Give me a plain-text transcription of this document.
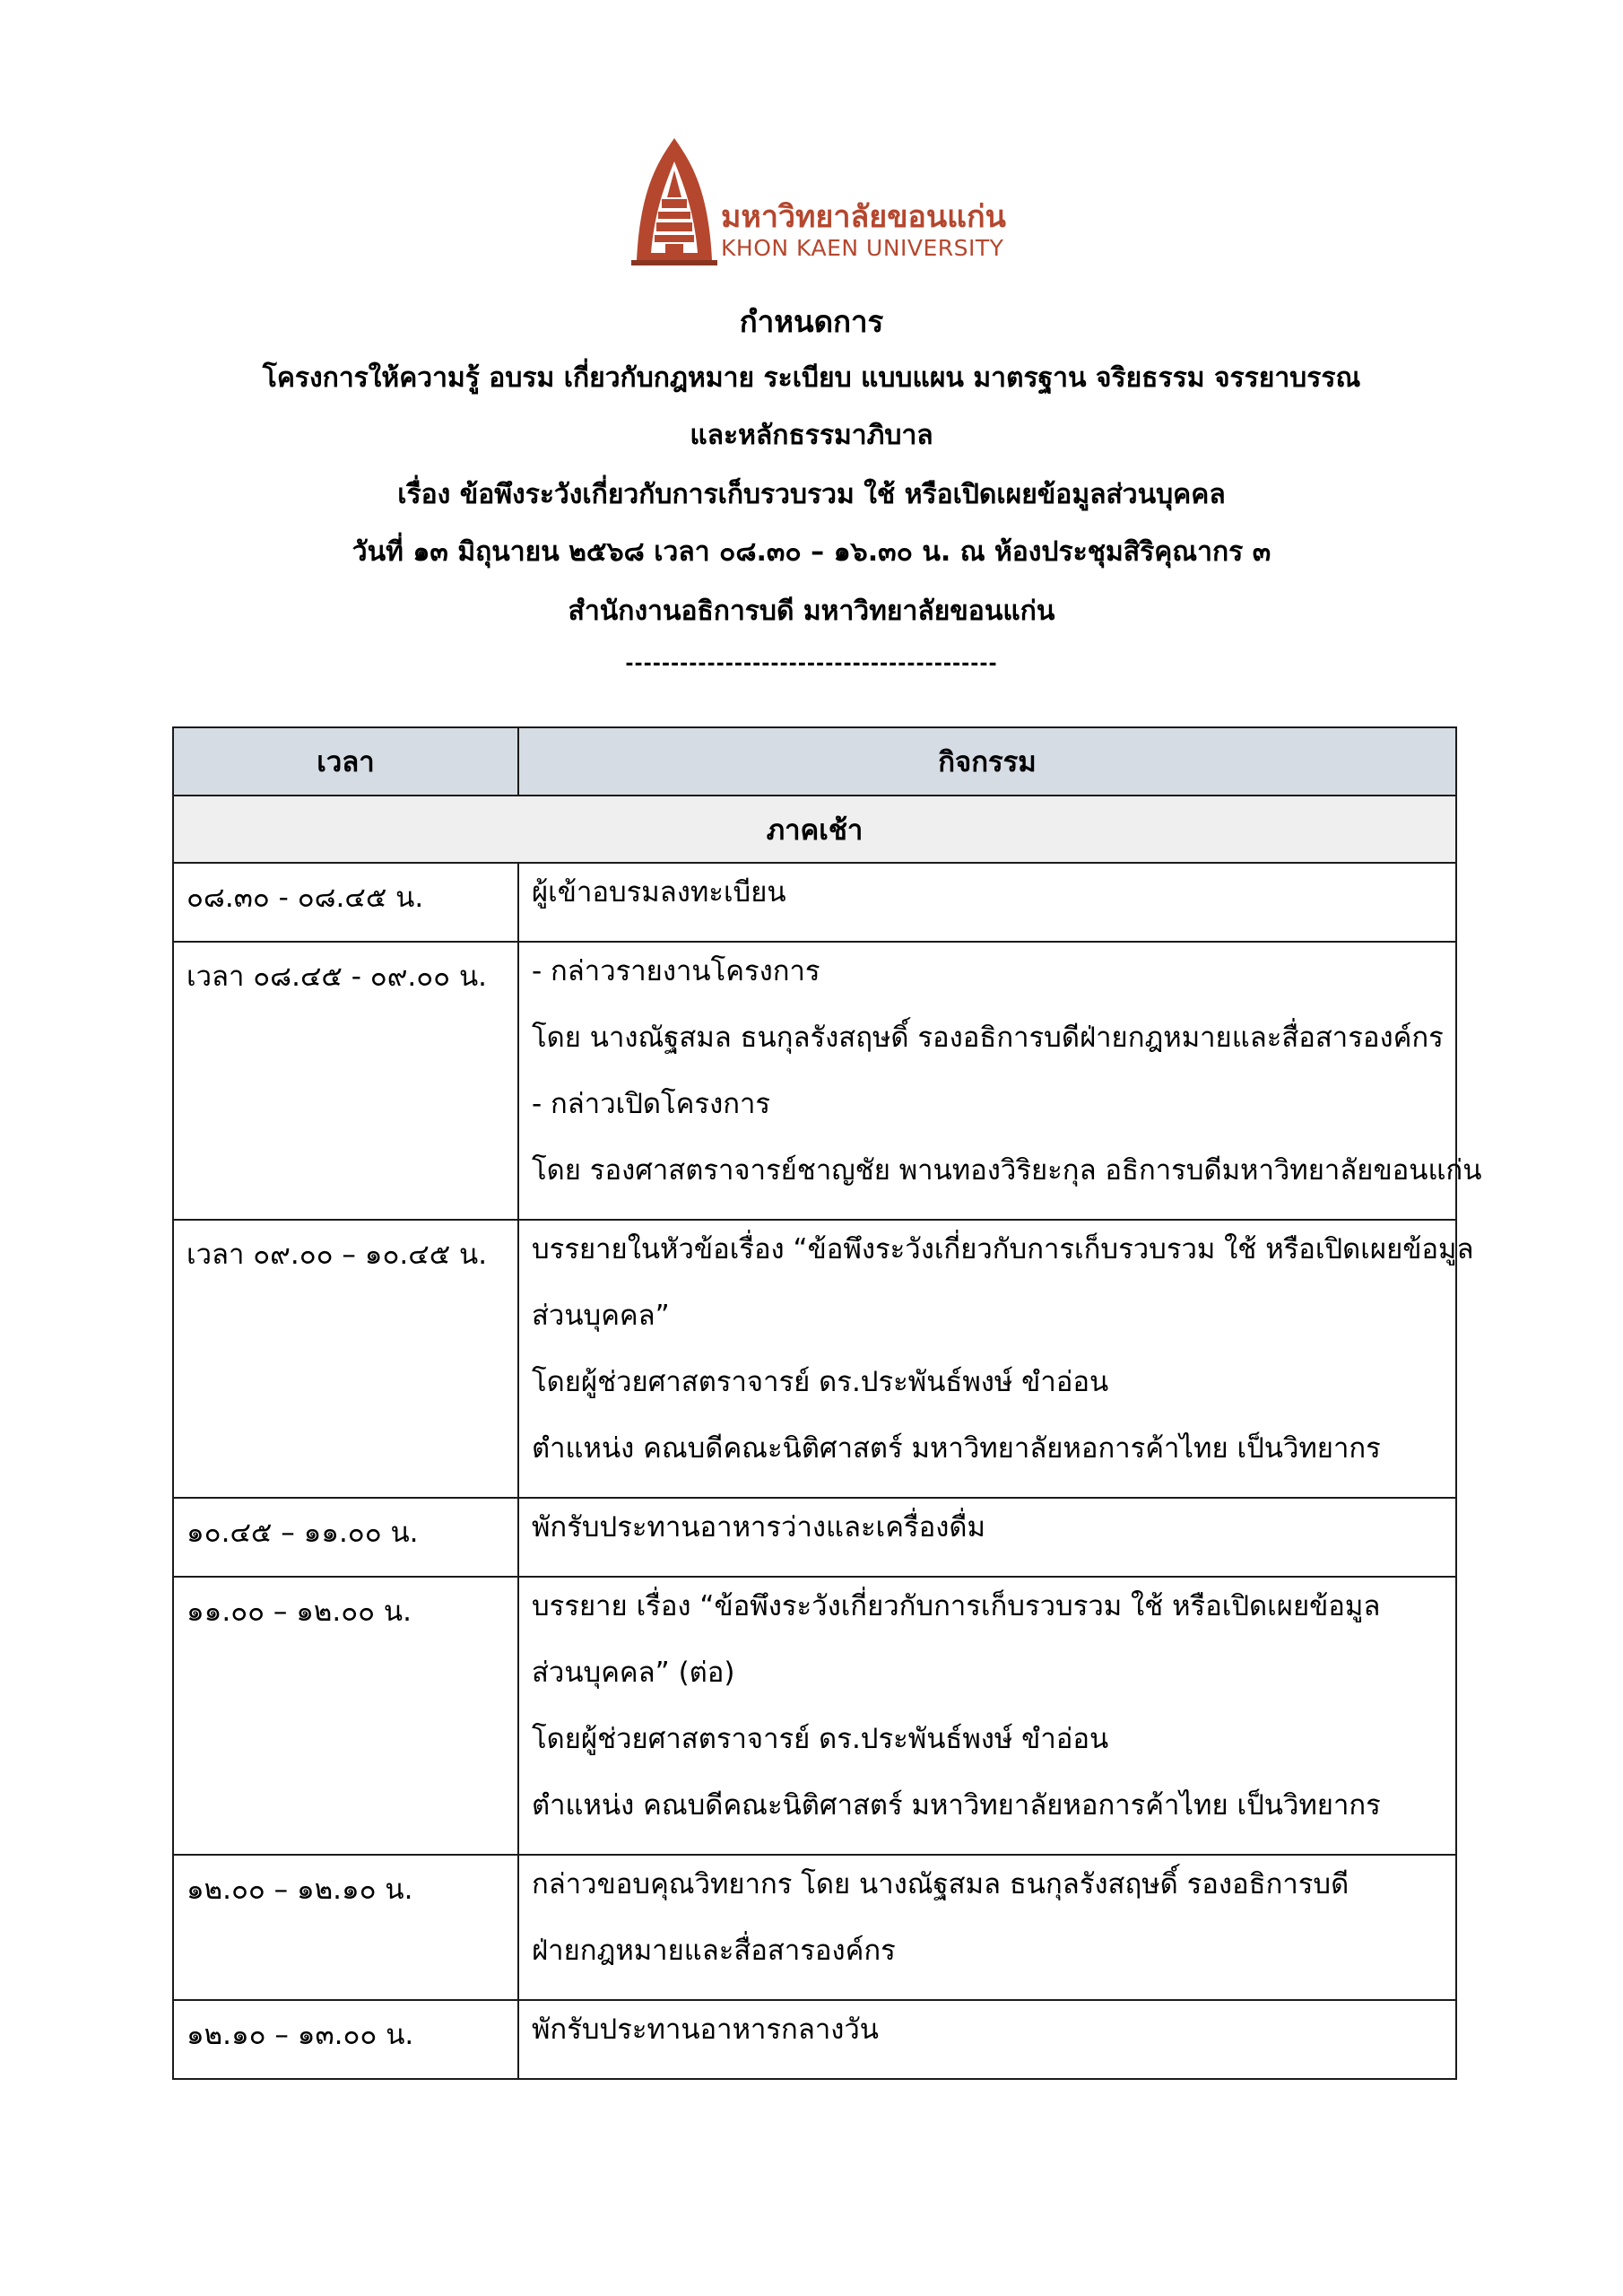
มหาวิทยาลัยขอนแก่น
KHON KAEN UNIVERSITY
กำหนดการ
โครงการให้ความรู้ อบรม เกี่ยวกับกฎหมาย ระเบียบ แบบแผน มาตรฐาน จริยธรรม จรรยาบรรณ
และหลักธรรมาภิบาล
เรื่อง ข้อพึงระวังเกี่ยวกับการเก็บรวบรวม ใช้ หรือเปิดเผยข้อมูลส่วนบุคคล
วันที่ ๑๓ มิถุนายน ๒๕๖๘ เวลา ๐๘.๓๐ – ๑๖.๓๐ น. ณ ห้องประชุมสิริคุณากร ๓
สำนักงานอธิการบดี มหาวิทยาลัยขอนแก่น
-----------------------------------------
เวลา	กิจกรรม
ภาคเช้า	
๐๘.๓๐ - ๐๘.๔๕ น.	ผู้เข้าอบรมลงทะเบียน

เวลา ๐๘.๔๕ - ๐๙.๐๐ น.	- กล่าวรายงานโครงการ
โดย นางณัฐสมล ธนกุลรังสฤษดิ์ รองอธิการบดีฝ่ายกฎหมายและสื่อสารองค์กร
- กล่าวเปิดโครงการ
โดย รองศาสตราจารย์ชาญชัย พานทองวิริยะกุล อธิการบดีมหาวิทยาลัยขอนแก่น

เวลา ๐๙.๐๐ – ๑๐.๔๕ น.	บรรยายในหัวข้อเรื่อง “ข้อพึงระวังเกี่ยวกับการเก็บรวบรวม ใช้ หรือเปิดเผยข้อมูล
ส่วนบุคคล”
โดยผู้ช่วยศาสตราจารย์ ดร.ประพันธ์พงษ์ ขำอ่อน
ตำแหน่ง คณบดีคณะนิติศาสตร์ มหาวิทยาลัยหอการค้าไทย เป็นวิทยากร

๑๐.๔๕ – ๑๑.๐๐ น.	พักรับประทานอาหารว่างและเครื่องดื่ม

๑๑.๐๐ – ๑๒.๐๐ น.	บรรยาย เรื่อง “ข้อพึงระวังเกี่ยวกับการเก็บรวบรวม ใช้ หรือเปิดเผยข้อมูล
ส่วนบุคคล” (ต่อ)
โดยผู้ช่วยศาสตราจารย์ ดร.ประพันธ์พงษ์ ขำอ่อน
ตำแหน่ง คณบดีคณะนิติศาสตร์ มหาวิทยาลัยหอการค้าไทย เป็นวิทยากร

๑๒.๐๐ – ๑๒.๑๐ น.	กล่าวขอบคุณวิทยากร โดย นางณัฐสมล ธนกุลรังสฤษดิ์ รองอธิการบดี
ฝ่ายกฎหมายและสื่อสารองค์กร

๑๒.๑๐ – ๑๓.๐๐ น.	พักรับประทานอาหารกลางวัน
